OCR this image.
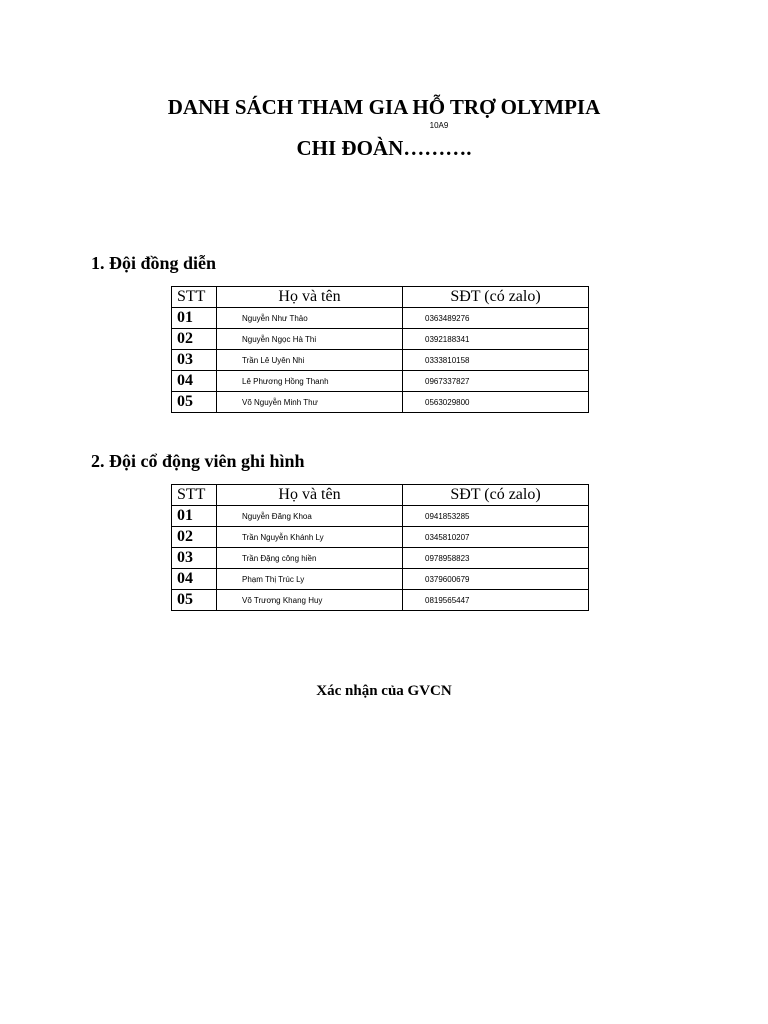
DANH SÁCH THAM GIA HỖ TRỢ OLYMPIA
10A9
CHI ĐOÀN……….
1. Đội đồng diễn
STT	Họ và tên	SĐT (có zalo)
01	Nguyễn Như Thảo	0363489276
02	Nguyễn Ngọc Hà Thi	0392188341
03	Trần Lê Uyên Nhi	0333810158
04	Lê Phương Hồng Thanh	0967337827
05	Võ Nguyễn Minh Thư	0563029800
2. Đội cổ động viên ghi hình
STT	Họ và tên	SĐT (có zalo)
01	Nguyễn Đăng Khoa	0941853285
02	Trần Nguyễn Khánh Ly	0345810207
03	Trần Đặng công hiền	0978958823
04	Phạm Thị Trúc Ly	0379600679
05	Võ Trương Khang Huy	0819565447
Xác nhận của GVCN
